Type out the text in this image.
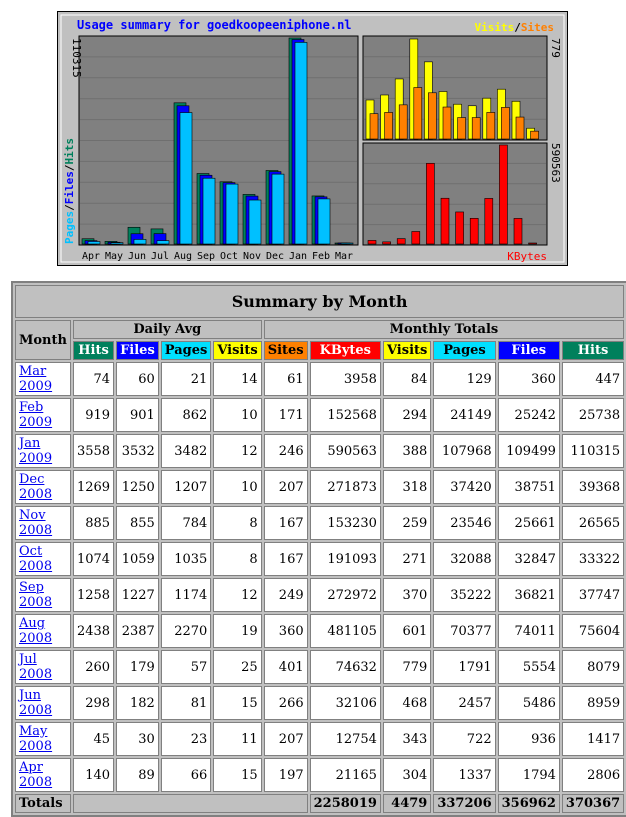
Usage summary for goedkoopeeniphone.nl	Visits/Sites
110315
Pages/Files/Hits
779
590563
KBytes
Apr May Jun Jul Aug Sep Oct Nov Dec Jan Feb Mar
Summary by Month										
Month	Daily Avg				Monthly Totals					
	Hits	Files	Pages	Visits	Sites	KBytes	Visits	Pages	Files	Hits
Mar 2009	74	60	21	14	61	3958	84	129	360	447
Feb 2009	919	901	862	10	171	152568	294	24149	25242	25738
Jan 2009	3558	3532	3482	12	246	590563	388	107968	109499	110315
Dec 2008	1269	1250	1207	10	207	271873	318	37420	38751	39368
Nov 2008	885	855	784	8	167	153230	259	23546	25661	26565
Oct 2008	1074	1059	1035	8	167	191093	271	32088	32847	33322
Sep 2008	1258	1227	1174	12	249	272972	370	35222	36821	37747
Aug 2008	2438	2387	2270	19	360	481105	601	70377	74011	75604
Jul 2008	260	179	57	25	401	74632	779	1791	5554	8079
Jun 2008	298	182	81	15	266	32106	468	2457	5486	8959
May 2008	45	30	23	11	207	12754	343	722	936	1417
Apr 2008	140	89	66	15	197	21165	304	1337	1794	2806
Totals						2258019	4479	337206	356962	370367
